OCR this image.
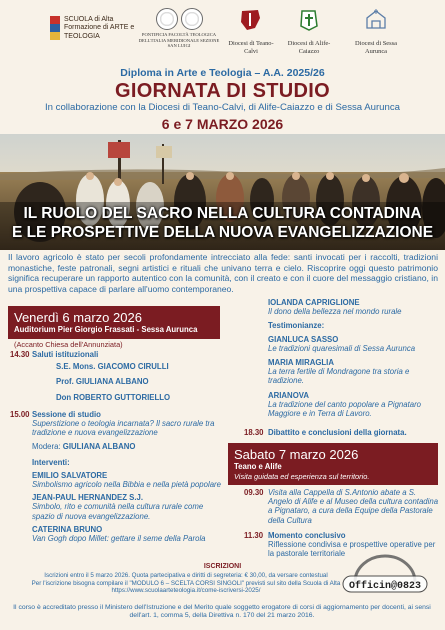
SCUOLA di Alta Formazione di ARTE e TEOLOGIA	PONTIFICIA FACOLTÀ TEOLOGICA DELL'ITALIA MERIDIONALE SEZIONE SAN LUIGI	Diocesi di Teano-Calvi
Diocesi di Alife-Caiazzo
Diocesi di Sessa Aurunca
Diploma in Arte e Teologia – A.A. 2025/26
GIORNATA DI STUDIO
In collaborazione con la Diocesi di Teano-Calvi, di Alife-Caiazzo e di Sessa Aurunca
6 e 7 MARZO 2026
IL RUOLO DEL SACRO NELLA CULTURA CONTADINA
E LE PROSPETTIVE DELLA NUOVA EVANGELIZZAZIONE
Il lavoro agricolo è stato per secoli profondamente intrecciato alla fede: santi invocati per i raccolti, tradizioni monastiche, feste patronali, segni artistici e rituali che univano terra e cielo. Riscoprire oggi questo patrimonio significa recuperare un rapporto autentico con la comunità, con il creato e con il cuore del messaggio cristiano, in una prospettiva capace di parlare all'uomo contemporaneo.
Venerdì 6 marzo 2026
Auditorium Pier Giorgio Frassati - Sessa Aurunca
(Accanto Chiesa dell'Annunziata)
14.30 Saluti istituzionali
S.E. Mons. GIACOMO CIRULLI
Prof. GIULIANA ALBANO
Don ROBERTO GUTTORIELLO
15.00 Sessione di studio
Superstizione o teologia incarnata? Il sacro rurale tra tradizione e nuova evangelizzazione
Modera: GIULIANA ALBANO
Interventi:
EMILIO SALVATORE
Simbolismo agricolo nella Bibbia e nella pietà popolare
JEAN-PAUL HERNANDEZ S.J.
Simbolo, rito e comunità nella cultura rurale come spazio di nuova evangelizzazione.
CATERINA BRUNO
Van Gogh dopo Millet: gettare il seme della Parola
IOLANDA CAPRIGLIONE
Il dono della bellezza nel mondo rurale
Testimonianze:
GIANLUCA SASSO
Le tradizioni quaresimali di Sessa Aurunca
MARIA MIRAGLIA
La terra fertile di Mondragone tra storia e tradizione.
ARIANOVA
La tradizione del canto popolare a Pignataro Maggiore e in Terra di Lavoro.
18.30 Dibattito e conclusioni della giornata.
Sabato 7 marzo 2026
Teano e Alife
Visita guidata ed esperienza sul territorio.
09.30 Visita alla Cappella di S.Antonio abate a S. Angelo di Alife e al Museo della cultura contadina a Pignataro, a cura della Equipe della Pastorale della Cultura
11.30 Momento conclusivo
Riflessione condivisa e prospettive operative per la pastorale territoriale
ISCRIZIONI
Iscrizioni entro il 5 marzo 2026. Quota partecipativa e diritti di segreteria: € 30,00, da versare contestual
Per l'iscrizione bisogna compilare il "MODULO 6 – SCELTA CORSI SINGOLI" previsti sul sito della Scuola di Alta
https://www.scuolaarteteologia.it/come-iscriversi-2025/
Il corso è accreditato presso il Ministero dell'Istruzione e del Merito quale soggetto erogatore di corsi di aggiornamento per docenti, ai sensi dell'art. 1, comma 5, della Direttiva n. 170 del 21 marzo 2016.
Officin@0823
